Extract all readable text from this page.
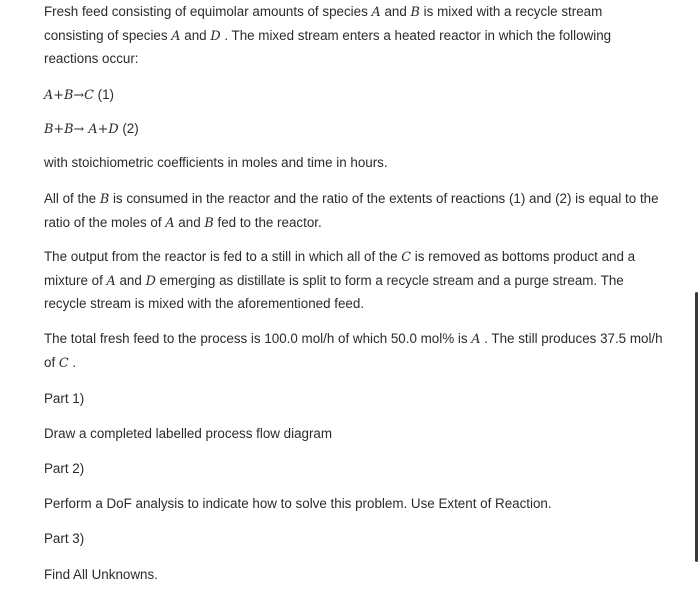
Fresh feed consisting of equimolar amounts of species A and B is mixed with a recycle stream consisting of species A and D . The mixed stream enters a heated reactor in which the following reactions occur:

A+B→C (1)

B+B→ A+D (2)

with stoichiometric coefficients in moles and time in hours.

All of the B is consumed in the reactor and the ratio of the extents of reactions (1) and (2) is equal to the ratio of the moles of A and B fed to the reactor.

The output from the reactor is fed to a still in which all of the C is removed as bottoms product and a mixture of A and D emerging as distillate is split to form a recycle stream and a purge stream. The recycle stream is mixed with the aforementioned feed.

The total fresh feed to the process is 100.0 mol/h of which 50.0 mol% is A . The still produces 37.5 mol/h of C .

Part 1)

Draw a completed labelled process flow diagram

Part 2)

Perform a DoF analysis to indicate how to solve this problem. Use Extent of Reaction.

Part 3)

Find All Unknowns.
